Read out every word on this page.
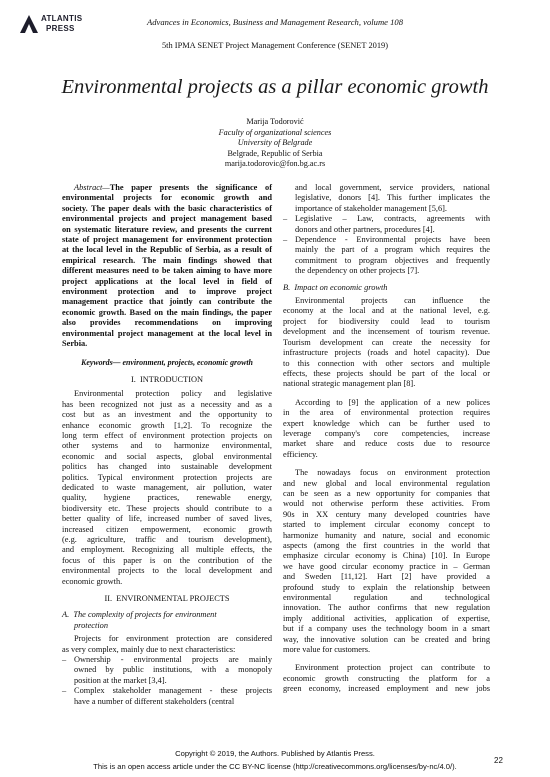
ATLANTIS
PRESS
Advances in Economics, Business and Management Research, volume 108
5th IPMA SENET Project Management Conference (SENET 2019)
Environmental projects as a pillar economic growth
Marija Todorović
Faculty of organizational sciences
University of Belgrade
Belgrade, Republic of Serbia
marija.todorovic@fon.bg.ac.rs
Abstract—The paper presents the significance of
environmental projects for economic growth and
society. The paper deals with the basic characteristics of
environmental projects and project management based
on systematic literature review, and presents the current
state of project management for environment protection
at the local level in the Republic of Serbia, as a result of
empirical research. The main findings showed that
different measures need to be taken aiming to have more
project applications at the local level in field of
environment protection and to improve project
management practice that jointly can contribute the
economic growth. Based on the main findings, the paper
also provides recommendations on improving
environmental project management at the local level in
Serbia.

Keywords— environment, projects, economic growth

I. INTRODUCTION

Environmental protection policy and legislative
has been recognized not just as a necessity and as a
cost but as an investment and the opportunity to
enhance economic growth [1,2]. To recognize the
long term effect of environment protection projects on
other systems and to harmonize environmental,
economic and social aspects, global environmental
politics has changed into sustainable development
politics. Typical environment protection projects are
dedicated to waste management, air pollution, water
quality, hygiene practices, renewable energy,
biodiversity etc. These projects should contribute to a
better quality of life, increased number of saved lives,
increased citizen empowerment, economic growth
(e.g. agriculture, traffic and tourism development),
and employment. Recognizing all multiple effects, the
focus of this paper is on the contribution of the
environmental projects to the local development and
economic growth.

II. ENVIRONMENTAL PROJECTS

A. The complexity of projects for environment
protection
Projects for environment protection are considered
as very complex, mainly due to next characteristics:
– Ownership - environmental projects are mainly
owned by public institutions, with a monopoly
position at the market [3,4].
– Complex stakeholder management - these projects
have a number of different stakeholders (central
and local government, service providers, national
legislative, donors [4]. This further implicates the
importance of stakeholder management [5,6].
– Legislative – Law, contracts, agreements with
donors and other partners, procedures [4].
– Dependence - Environmental projects have been
mainly the part of a program which requires the
commitment to program objectives and frequently
the dependency on other projects [7].

B. Impact on economic growth

Environmental projects can influence the
economy at the local and at the national level, e.g.
project for biodiversity could lead to tourism
development and the incensement of tourism revenue.
Tourism development can create the necessity for
infrastructure projects (roads and hotel capacity). Due
to this connection with other sectors and multiple
effects, these projects should be part of the local or
national strategic management plan [8].
According to [9] the application of a new polices
in the area of environmental protection requires
expert knowledge which can be further used to
leverage company's core competencies, increase
market share and reduce costs due to resource
efficiency.
The nowadays focus on environment protection
and new global and local environmental regulation
can be seen as a new opportunity for companies that
would not otherwise perform these activities. From
90s in XX century many developed countries have
started to implement circular economy concept to
harmonize humanity and nature, social and economic
aspects (among the first countries in the world that
emphasize circular economy is China) [10]. In Europe
we have good circular economy practice in – German
and Sweden [11,12]. Hart [2] have provided a
profound study to explain the relationship between
environmental regulation and technological
innovation. The author confirms that new regulation
imply additional activities, application of expertise,
but if a company uses the technology boom in a smart
way, the innovative solution can be created and bring
more value for customers.
Environment protection project can contribute to
economic growth constructing the platform for a
green economy, increased employment and new jobs
Copyright © 2019, the Authors. Published by Atlantis Press.
This is an open access article under the CC BY-NC license (http://creativecommons.org/licenses/by-nc/4.0/).
22
